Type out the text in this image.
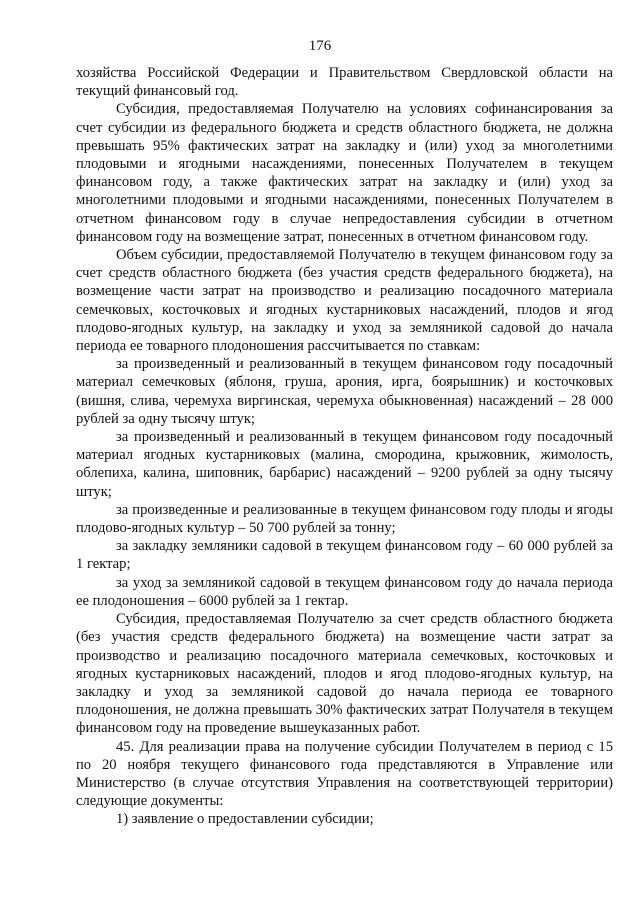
176

хозяйства Российской Федерации и Правительством Свердловской области на текущий финансовый год.

Субсидия, предоставляемая Получателю на условиях софинансирования за счет субсидии из федерального бюджета и средств областного бюджета, не должна превышать 95% фактических затрат на закладку и (или) уход за многолетними плодовыми и ягодными насаждениями, понесенных Получателем в текущем финансовом году, а также фактических затрат на закладку и (или) уход за многолетними плодовыми и ягодными насаждениями, понесенных Получателем в отчетном финансовом году в случае непредоставления субсидии в отчетном финансовом году на возмещение затрат, понесенных в отчетном финансовом году.

Объем субсидии, предоставляемой Получателю в текущем финансовом году за счет средств областного бюджета (без участия средств федерального бюджета), на возмещение части затрат на производство и реализацию посадочного материала семечковых, косточковых и ягодных кустарниковых насаждений, плодов и ягод плодово-ягодных культур, на закладку и уход за земляникой садовой до начала периода ее товарного плодоношения рассчитывается по ставкам:

за произведенный и реализованный в текущем финансовом году посадочный материал семечковых (яблоня, груша, арония, ирга, боярышник) и косточковых (вишня, слива, черемуха виргинская, черемуха обыкновенная) насаждений – 28 000 рублей за одну тысячу штук;

за произведенный и реализованный в текущем финансовом году посадочный материал ягодных кустарниковых (малина, смородина, крыжовник, жимолость, облепиха, калина, шиповник, барбарис) насаждений – 9200 рублей за одну тысячу штук;

за произведенные и реализованные в текущем финансовом году плоды и ягоды плодово-ягодных культур – 50 700 рублей за тонну;

за закладку земляники садовой в текущем финансовом году – 60 000 рублей за 1 гектар;

за уход за земляникой садовой в текущем финансовом году до начала периода ее плодоношения – 6000 рублей за 1 гектар.

Субсидия, предоставляемая Получателю за счет средств областного бюджета (без участия средств федерального бюджета) на возмещение части затрат за производство и реализацию посадочного материала семечковых, косточковых и ягодных кустарниковых насаждений, плодов и ягод плодово-ягодных культур, на закладку и уход за земляникой садовой до начала периода ее товарного плодоношения, не должна превышать 30% фактических затрат Получателя в текущем финансовом году на проведение вышеуказанных работ.

45. Для реализации права на получение субсидии Получателем в период с 15 по 20 ноября текущего финансового года представляются в Управление или Министерство (в случае отсутствия Управления на соответствующей территории) следующие документы:

1) заявление о предоставлении субсидии;
